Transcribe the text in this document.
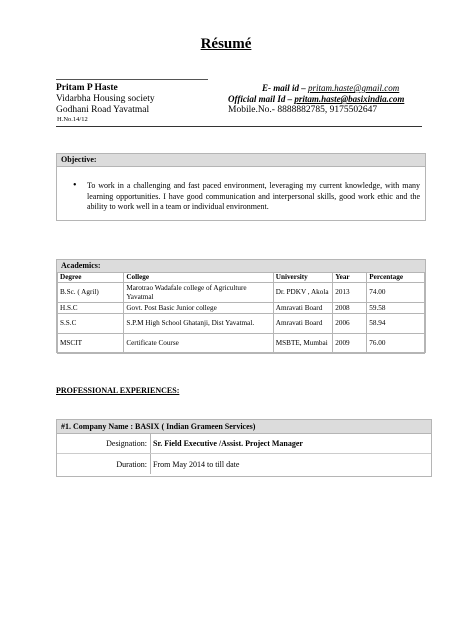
Résumé
Pritam P Haste
Vidarbha Housing society
Godhani Road Yavatmal
H.No.14/12
E- mail id – pritam.haste@gmail.com
Official mail Id – pritam.haste@basixindia.com
Mobile.No.- 8888882785, 9175502647
Objective:
• To work in a challenging and fast paced environment, leveraging my current knowledge, with many learning opportunities. I have good communication and interpersonal skills, good work ethic and the ability to work well in a team or individual environment.
Academics:
Degree	College	University	Year	Percentage
B.Sc. ( Agril)	Marotrao Wadafale college of Agriculture Yavatmal	Dr. PDKV , Akola	2013	74.00
H.S.C	Govt. Post Basic Junior college	Amravati Board	2008	59.58
S.S.C	S.P.M High School Ghatanji, Dist Yavatmal.	Amravati Board	2006	58.94
MSCIT	Certificate Course	MSBTE, Mumbai	2009	76.00
PROFESSIONAL EXPERIENCES:
#1. Company Name : BASIX ( Indian Grameen Services)
Designation: Sr. Field Executive /Assist. Project Manager
Duration: From May 2014 to till date
